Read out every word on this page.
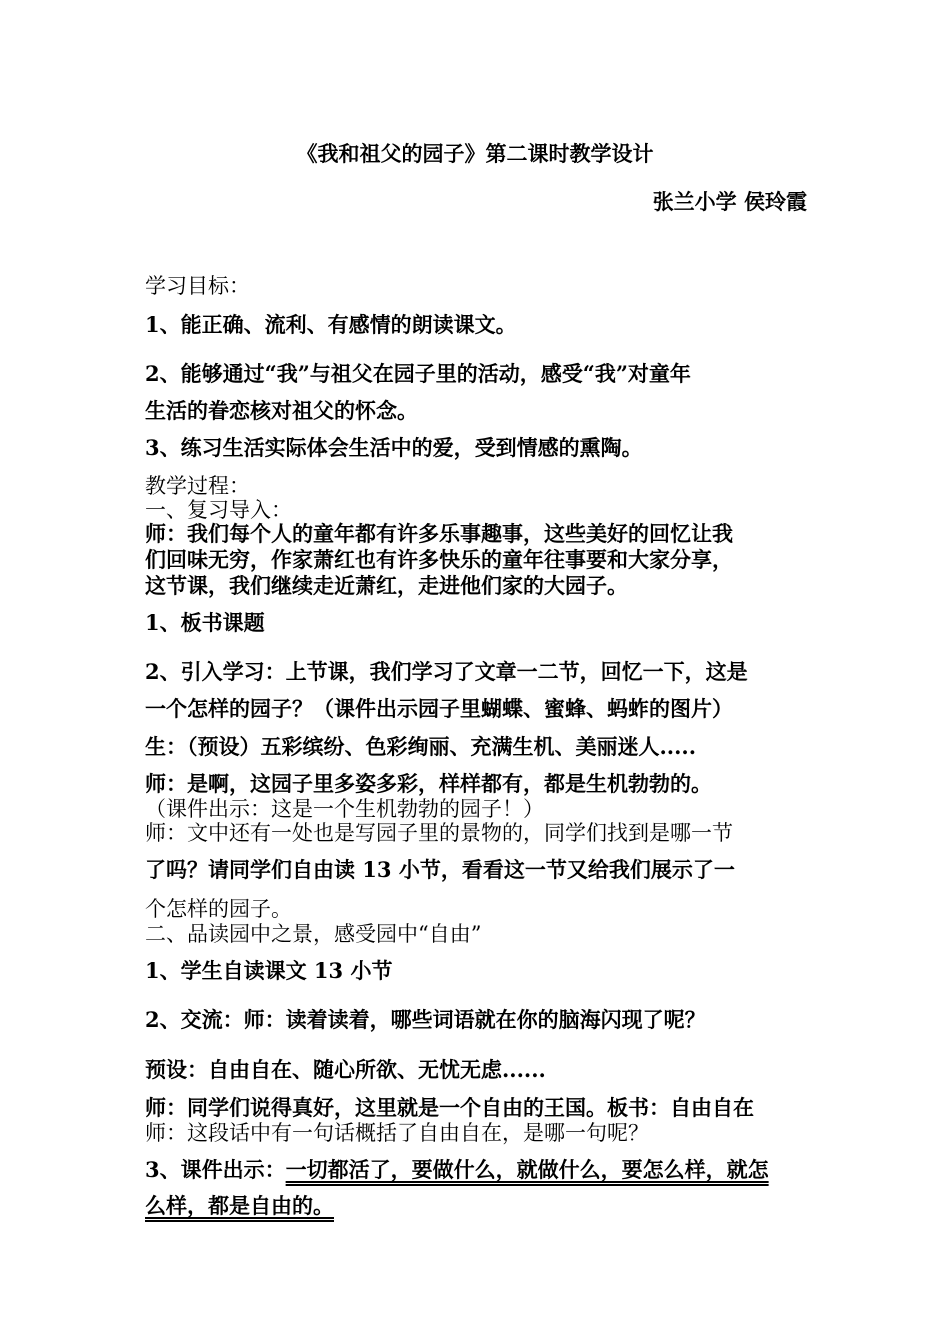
《我和祖父的园子》第二课时教学设计
张兰小学 侯玲霞
学习目标：
1、能正确、流利、有感情的朗读课文。
2、能够通过“我”与祖父在园子里的活动，感受“我”对童年
生活的眷恋核对祖父的怀念。
3、练习生活实际体会生活中的爱，受到情感的熏陶。
教学过程：
一、复习导入：
师：我们每个人的童年都有许多乐事趣事，这些美好的回忆让我
们回味无穷，作家萧红也有许多快乐的童年往事要和大家分享，
这节课，我们继续走近萧红，走进他们家的大园子。
1、板书课题
2、引入学习：上节课，我们学习了文章一二节，回忆一下，这是
一个怎样的园子？（课件出示园子里蝴蝶、蜜蜂、蚂蚱的图片）
生：（预设）五彩缤纷、色彩绚丽、充满生机、美丽迷人.....
师：是啊，这园子里多姿多彩，样样都有，都是生机勃勃的。
（课件出示：这是一个生机勃勃的园子！）
师：文中还有一处也是写园子里的景物的，同学们找到是哪一节
了吗？请同学们自由读 13 小节，看看这一节又给我们展示了一
个怎样的园子。
二、品读园中之景，感受园中“自由”
1、学生自读课文 13 小节
2、交流：师：读着读着，哪些词语就在你的脑海闪现了呢？
预设：自由自在、随心所欲、无忧无虑......
师：同学们说得真好，这里就是一个自由的王国。板书：自由自在
师：这段话中有一句话概括了自由自在，是哪一句呢？
3、课件出示：一切都活了，要做什么，就做什么，要怎么样，就怎
么样，都是自由的。
